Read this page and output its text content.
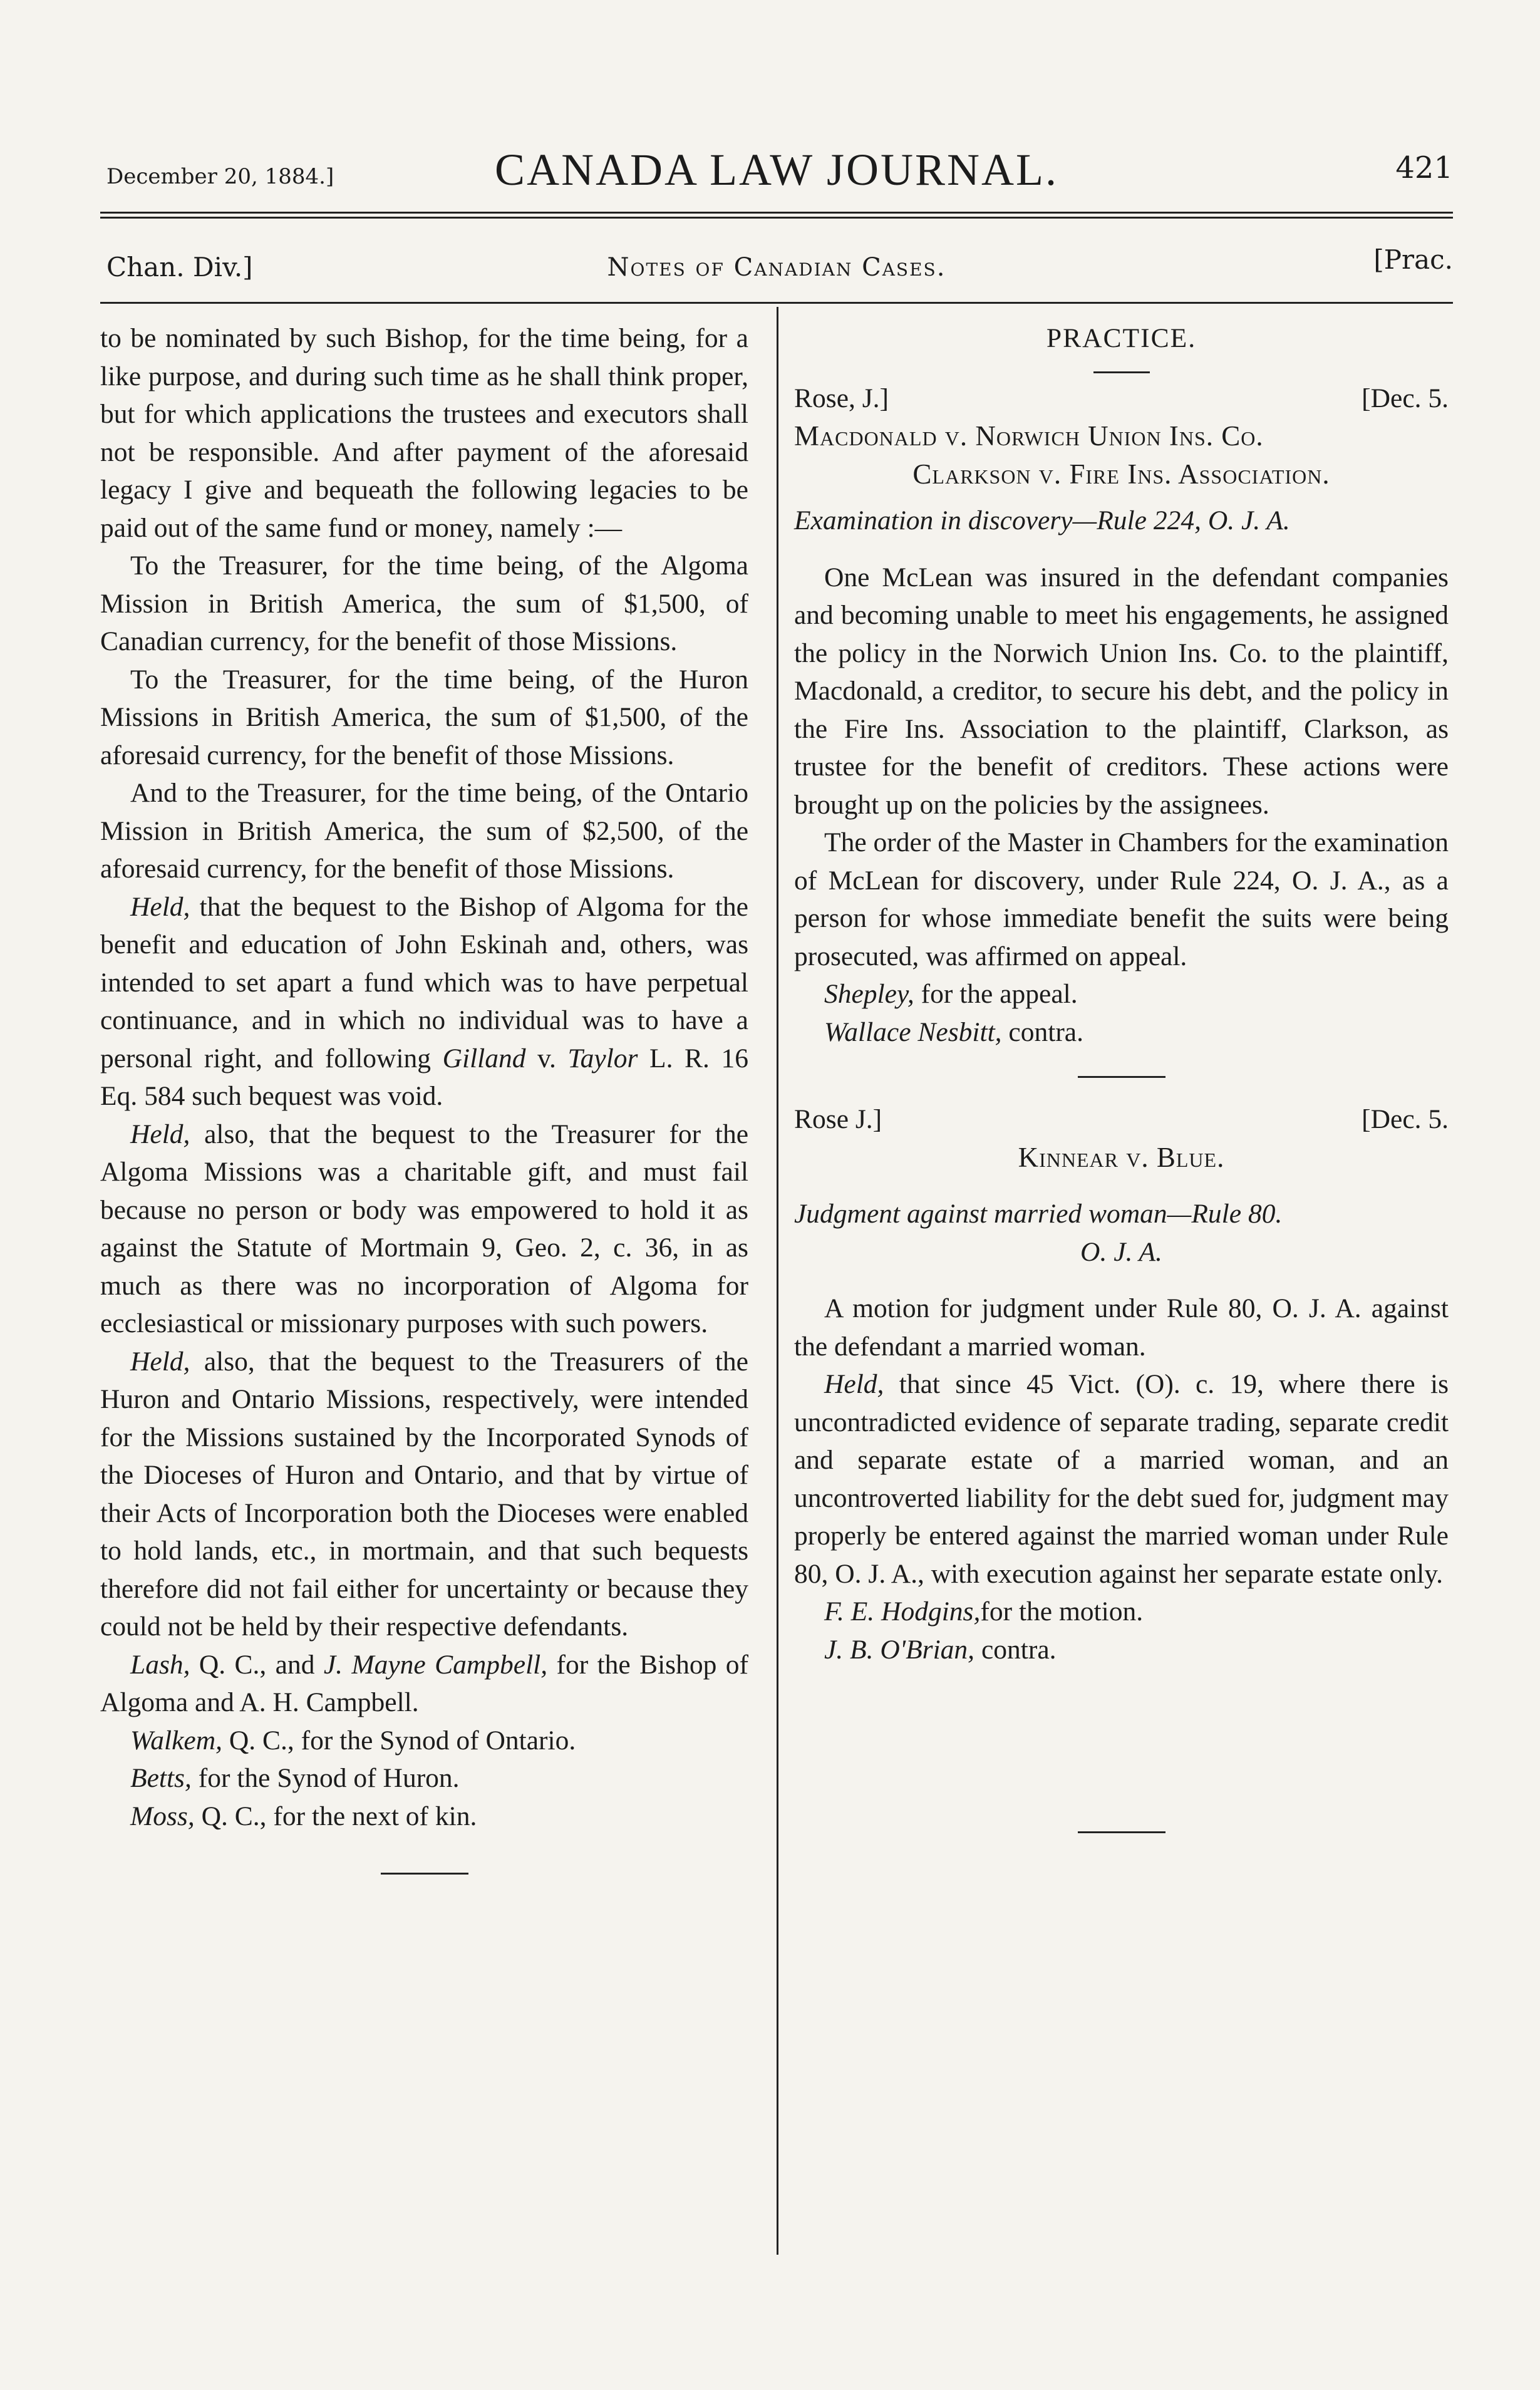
December 20, 1884.]	CANADA LAW JOURNAL.	421
Chan. Div.]	Notes of Canadian Cases.	[Prac.

to be nominated by such Bishop, for the time being, for a like purpose, and during such time as he shall think proper, but for which applications the trustees and executors shall not be responsible. And after payment of the aforesaid legacy I give and bequeath the following legacies to be paid out of the same fund or money, namely :—

To the Treasurer, for the time being, of the Algoma Mission in British America, the sum of $1,500, of Canadian currency, for the benefit of those Missions.

To the Treasurer, for the time being, of the Huron Missions in British America, the sum of $1,500, of the aforesaid currency, for the benefit of those Missions.

And to the Treasurer, for the time being, of the Ontario Mission in British America, the sum of $2,500, of the aforesaid currency, for the benefit of those Missions.

Held, that the bequest to the Bishop of Algoma for the benefit and education of John Eskinah and, others, was intended to set apart a fund which was to have perpetual continuance, and in which no individual was to have a personal right, and following Gilland v. Taylor L. R. 16 Eq. 584 such bequest was void.

Held, also, that the bequest to the Treasurer for the Algoma Missions was a charitable gift, and must fail because no person or body was empowered to hold it as against the Statute of Mortmain 9, Geo. 2, c. 36, in as much as there was no incorporation of Algoma for ecclesiastical or missionary purposes with such powers.

Held, also, that the bequest to the Treasurers of the Huron and Ontario Missions, respectively, were intended for the Missions sustained by the Incorporated Synods of the Dioceses of Huron and Ontario, and that by virtue of their Acts of Incorporation both the Dioceses were enabled to hold lands, etc., in mortmain, and that such bequests therefore did not fail either for uncertainty or because they could not be held by their respective defendants.

Lash, Q. C., and J. Mayne Campbell, for the Bishop of Algoma and A. H. Campbell.

Walkem, Q. C., for the Synod of Ontario.

Betts, for the Synod of Huron.

Moss, Q. C., for the next of kin.

PRACTICE.

Rose, J.]	[Dec. 5.

Macdonald v. Norwich Union Ins. Co.

Clarkson v. Fire Ins. Association.

Examination in discovery—Rule 224, O. J. A.

One McLean was insured in the defendant companies and becoming unable to meet his engagements, he assigned the policy in the Norwich Union Ins. Co. to the plaintiff, Macdonald, a creditor, to secure his debt, and the policy in the Fire Ins. Association to the plaintiff, Clarkson, as trustee for the benefit of creditors. These actions were brought up on the policies by the assignees.

The order of the Master in Chambers for the examination of McLean for discovery, under Rule 224, O. J. A., as a person for whose immediate benefit the suits were being prosecuted, was affirmed on appeal.

Shepley, for the appeal.

Wallace Nesbitt, contra.

Rose J.]	[Dec. 5.

Kinnear v. Blue.

Judgment against married woman—Rule 80.

O. J. A.

A motion for judgment under Rule 80, O. J. A. against the defendant a married woman.

Held, that since 45 Vict. (O). c. 19, where there is uncontradicted evidence of separate trading, separate credit and separate estate of a married woman, and an uncontroverted liability for the debt sued for, judgment may properly be entered against the married woman under Rule 80, O. J. A., with execution against her separate estate only.

F. E. Hodgins,for the motion.

J. B. O'Brian, contra.
